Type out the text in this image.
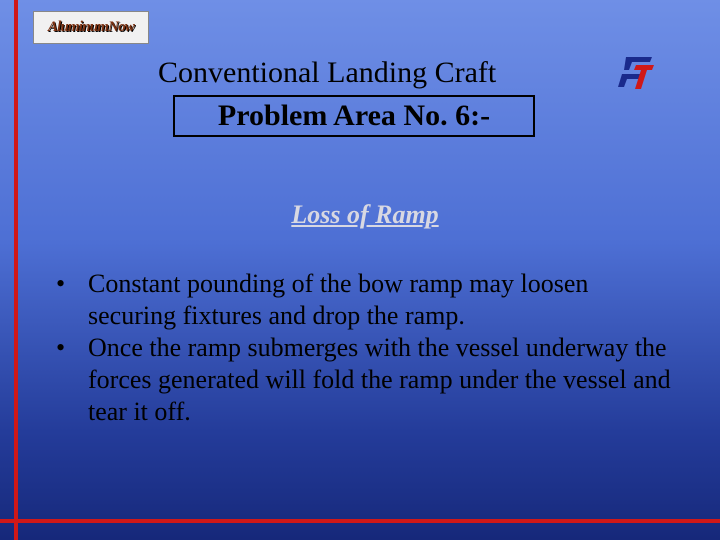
AluminumNow
Conventional Landing Craft
Problem Area No. 6:-
Loss of Ramp
• Constant pounding of the bow ramp may loosen securing fixtures and drop the ramp.
• Once the ramp submerges with the vessel underway the forces generated will fold the ramp under the vessel and tear it off.
